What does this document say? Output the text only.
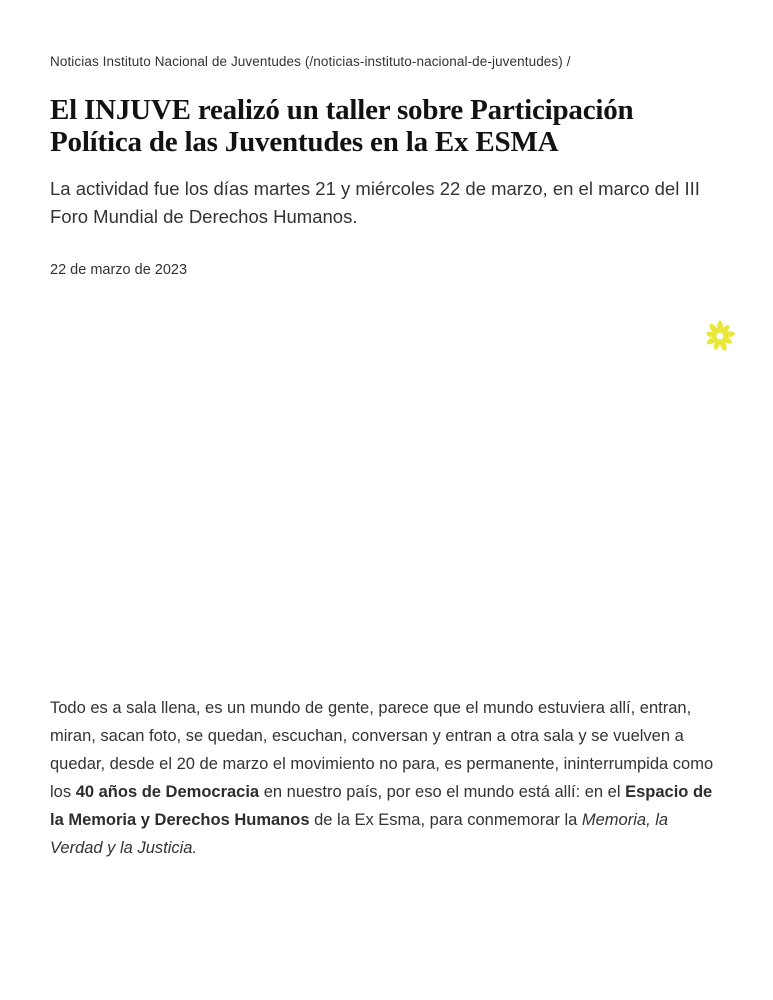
Noticias Instituto Nacional de Juventudes (/noticias-instituto-nacional-de-juventudes) /
El INJUVE realizó un taller sobre Participación Política de las Juventudes en la Ex ESMA

La actividad fue los días martes 21 y miércoles 22 de marzo, en el marco del III Foro Mundial de Derechos Humanos.

22 de marzo de 2023

Todo es a sala llena, es un mundo de gente, parece que el mundo estuviera allí, entran, miran, sacan foto, se quedan, escuchan, conversan y entran a otra sala y se vuelven a quedar, desde el 20 de marzo el movimiento no para, es permanente, ininterrumpida como los 40 años de Democracia en nuestro país, por eso el mundo está allí: en el Espacio de la Memoria y Derechos Humanos de la Ex Esma, para conmemorar la Memoria, la Verdad y la Justicia.
